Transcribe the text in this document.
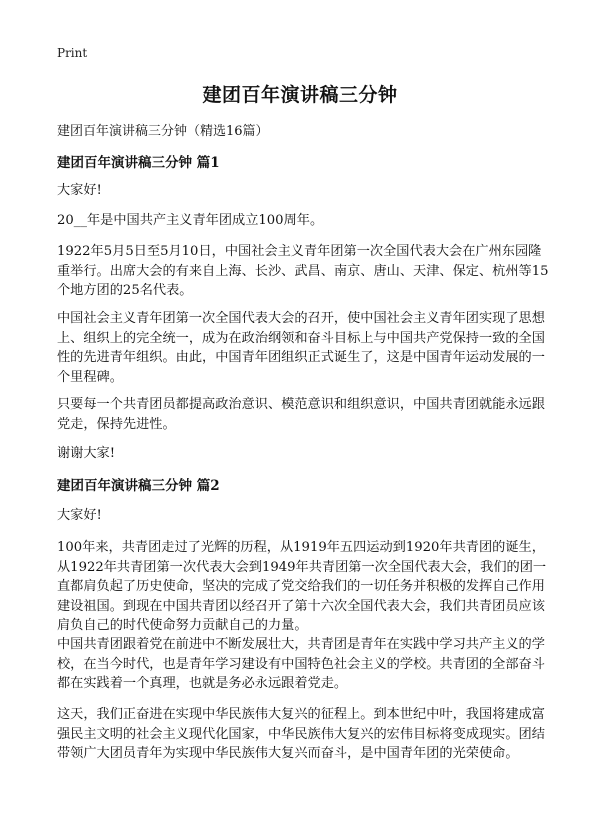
Print
建团百年演讲稿三分钟
建团百年演讲稿三分钟（精选16篇）
建团百年演讲稿三分钟 篇1
大家好!
20__年是中国共产主义青年团成立100周年。
1922年5月5日至5月10日，中国社会主义青年团第一次全国代表大会在广州东园隆重举行。出席大会的有来自上海、长沙、武昌、南京、唐山、天津、保定、杭州等15个地方团的25名代表。
中国社会主义青年团第一次全国代表大会的召开，使中国社会主义青年团实现了思想上、组织上的完全统一，成为在政治纲领和奋斗目标上与中国共产党保持一致的全国性的先进青年组织。由此，中国青年团组织正式诞生了，这是中国青年运动发展的一个里程碑。
只要每一个共青团员都提高政治意识、模范意识和组织意识，中国共青团就能永远跟党走，保持先进性。
谢谢大家!
建团百年演讲稿三分钟 篇2
大家好!
100年来，共青团走过了光辉的历程，从1919年五四运动到1920年共青团的诞生，从1922年共青团第一次代表大会到1949年共青团第一次全国代表大会，我们的团一直都肩负起了历史使命，坚决的完成了党交给我们的一切任务并积极的发挥自己作用建设祖国。到现在中国共青团以经召开了第十六次全国代表大会，我们共青团员应该肩负自己的时代使命努力贡献自己的力量。
中国共青团跟着党在前进中不断发展壮大，共青团是青年在实践中学习共产主义的学校，在当今时代，也是青年学习建设有中国特色社会主义的学校。共青团的全部奋斗都在实践着一个真理，也就是务必永远跟着党走。
这天，我们正奋进在实现中华民族伟大复兴的征程上。到本世纪中叶，我国将建成富强民主文明的社会主义现代化国家，中华民族伟大复兴的宏伟目标将变成现实。团结带领广大团员青年为实现中华民族伟大复兴而奋斗，是中国青年团的光荣使命。
